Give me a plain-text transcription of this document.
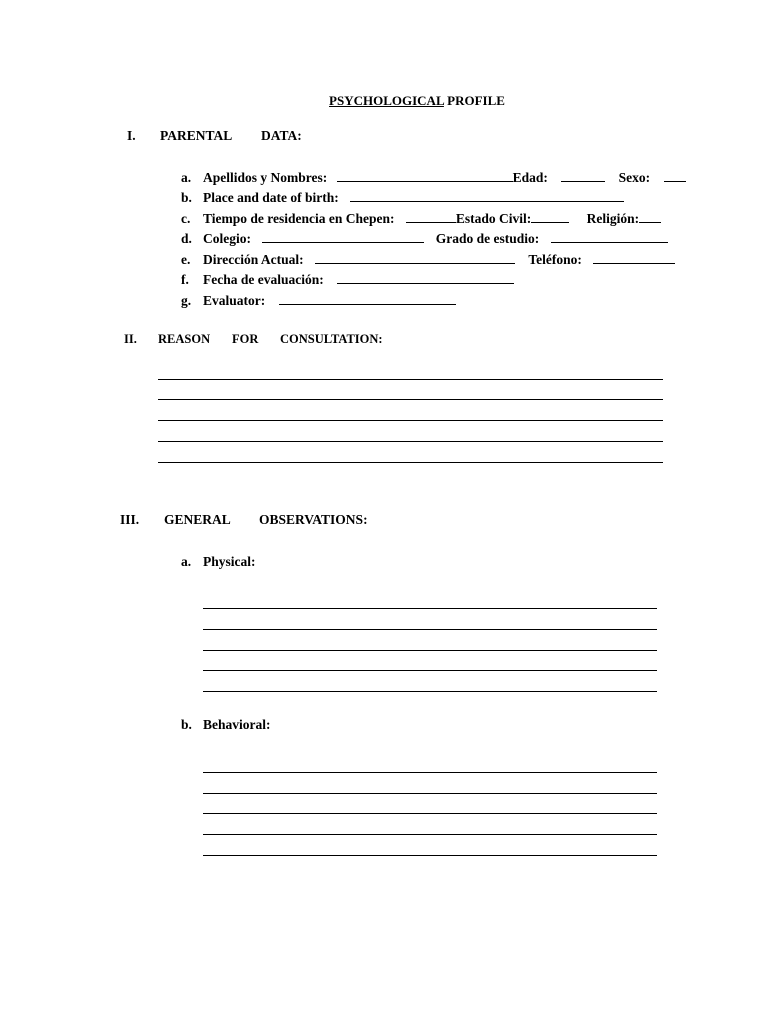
PSYCHOLOGICAL PROFILE
I. PARENTAL DATA:
a. Apellidos y Nombres:	Edad:	Sexo:
b. Place and date of birth:
c. Tiempo de residencia en Chepen:	Estado Civil:	Religión:
d. Colegio:	Grado de estudio:
e. Dirección Actual:	Teléfono:
f. Fecha de evaluación:
g. Evaluator:
II. REASON FOR CONSULTATION:
III. GENERAL OBSERVATIONS:
a. Physical:
b. Behavioral:
